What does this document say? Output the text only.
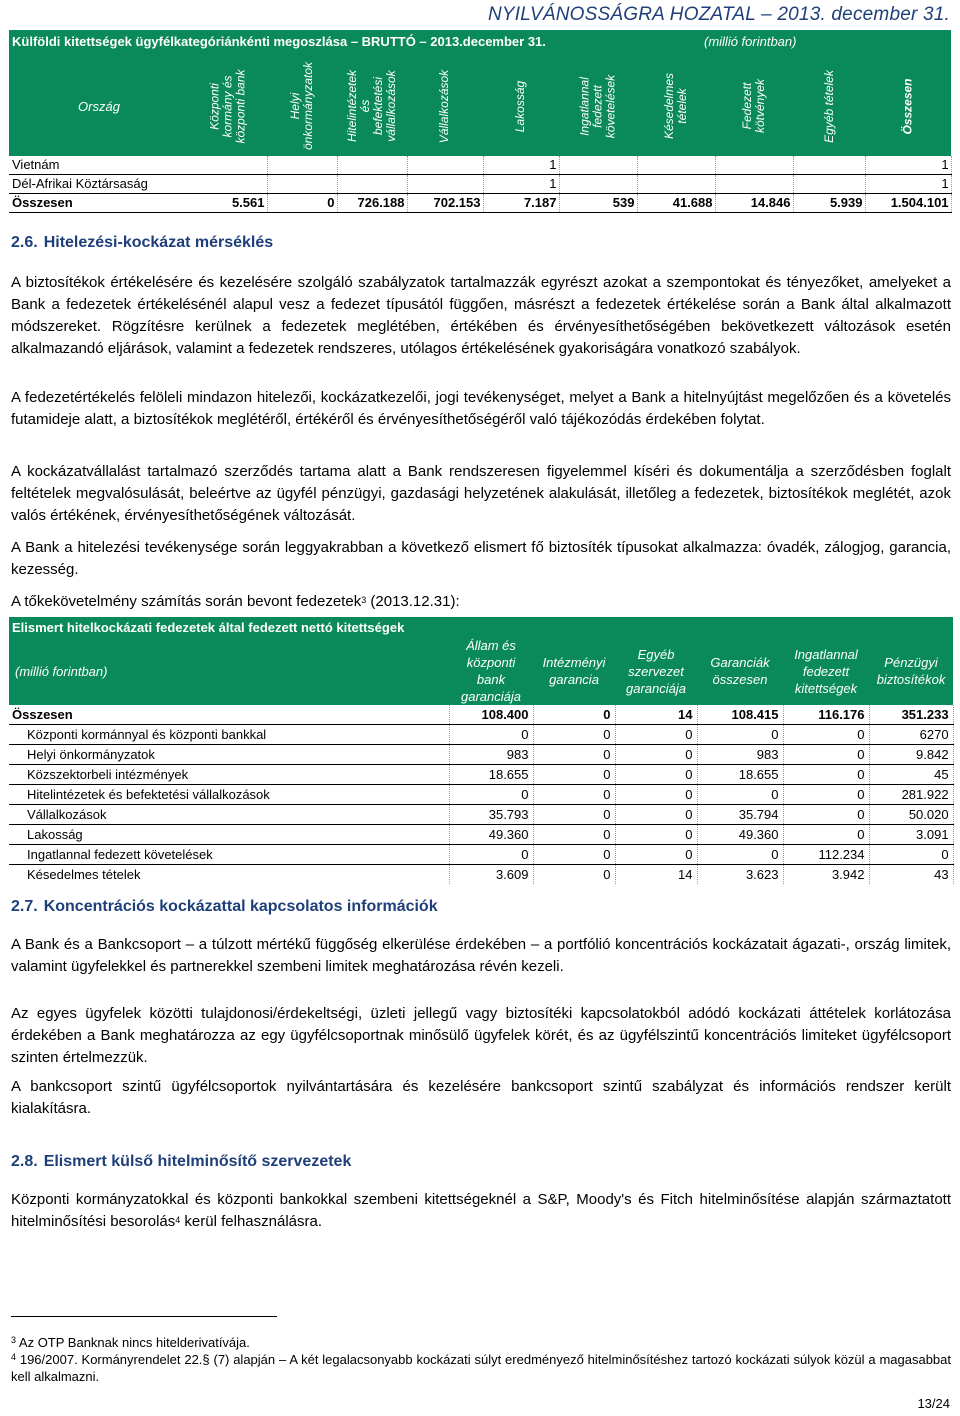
NYILVÁNOSSÁGRA HOZATAL – 2013. december 31.
Külföldi kitettségek ügyfélkategóriánkénti megoszlása – BRUTTÓ – 2013.december 31. (millió forintban)										

Ország	Központi kormány és központi bank	Helyi önkormányzatok	Hitelintézetek és befektetési vállalkozások	Vállalkozások	Lakosság	Ingatlannal fedezett követelések	Késedelmes tételek	Fedezett kötvények	Egyéb tételek	Összesen

Vietnám					1					1
Dél-Afrikai Köztársaság					1					1
Összesen	5.561	0	726.188	702.153	7.187	539	41.688	14.846	5.939	1.504.101
2.6. Hitelezési-kockázat mérséklés
A biztosítékok értékelésére és kezelésére szolgáló szabályzatok tartalmazzák egyrészt azokat a szempontokat és tényezőket, amelyeket a Bank a fedezetek értékelésénél alapul vesz a fedezet típusától függően, másrészt a fedezetek értékelése során a Bank által alkalmazott módszereket. Rögzítésre kerülnek a fedezetek meglétében, értékében és érvényesíthetőségében bekövetkezett változások esetén alkalmazandó eljárások, valamint a fedezetek rendszeres, utólagos értékelésének gyakoriságára vonatkozó szabályok.
A fedezetértékelés felöleli mindazon hitelezői, kockázatkezelői, jogi tevékenységet, melyet a Bank a hitelnyújtást megelőzően és a követelés futamideje alatt, a biztosítékok meglétéről, értékéről és érvényesíthetőségéről való tájékozódás érdekében folytat.
A kockázatvállalást tartalmazó szerződés tartama alatt a Bank rendszeresen figyelemmel kíséri és dokumentálja a szerződésben foglalt feltételek megvalósulását, beleértve az ügyfél pénzügyi, gazdasági helyzetének alakulását, illetőleg a fedezetek, biztosítékok meglétét, azok valós értékének, érvényesíthetőségének változását.
A Bank a hitelezési tevékenysége során leggyakrabban a következő elismert fő biztosíték típusokat alkalmazza: óvadék, zálogjog, garancia, kezesség.
A tőkekövetelmény számítás során bevont fedezetek$^3$ (2013.12.31):
Elismert hitelkockázati fedezetek által fedezett nettó kitettségek						
(millió forintban)	Állam és központi bank garanciája	Intézményi garancia	Egyéb szervezet garanciája	Garanciák összesen	Ingatlannal fedezett kitettségek	Pénzügyi biztosítékok
Összesen	108.400	0	14	108.415	116.176	351.233
Központi kormánnyal és központi bankkal	0	0	0	0	0	6270
Helyi önkormányzatok	983	0	0	983	0	9.842
Közszektorbeli intézmények	18.655	0	0	18.655	0	45
Hitelintézetek és befektetési vállalkozások	0	0	0	0	0	281.922
Vállalkozások	35.793	0	0	35.794	0	50.020
Lakosság	49.360	0	0	49.360	0	3.091
Ingatlannal fedezett követelések	0	0	0	0	112.234	0
Késedelmes tételek	3.609	0	14	3.623	3.942	43
2.7. Koncentrációs kockázattal kapcsolatos információk
A Bank és a Bankcsoport – a túlzott mértékű függőség elkerülése érdekében – a portfólió koncentrációs kockázatait ágazati-, ország limitek, valamint ügyfelekkel és partnerekkel szembeni limitek meghatározása révén kezeli.
Az egyes ügyfelek közötti tulajdonosi/érdekeltségi, üzleti jellegű vagy biztosítéki kapcsolatokból adódó kockázati áttételek korlátozása érdekében a Bank meghatározza az egy ügyfélcsoportnak minősülő ügyfelek körét, és az ügyfélszintű koncentrációs limiteket ügyfélcsoport szinten értelmezzük.
A bankcsoport szintű ügyfélcsoportok nyilvántartására és kezelésére bankcsoport szintű szabályzat és információs rendszer került kialakításra.
2.8. Elismert külső hitelminősítő szervezetek
Központi kormányzatokkal és központi bankokkal szembeni kitettségeknél a S&P, Moody's és Fitch hitelminősítése alapján származtatott hitelminősítési besorolás$^4$ kerül felhasználásra.
$^3$ Az OTP Banknak nincs hitelderivatívája.
$^4$ 196/2007. Kormányrendelet 22.§ (7) alapján – A két legalacsonyabb kockázati súlyt eredményező hitelminősítéshez tartozó kockázati súlyok közül a magasabbat kell alkalmazni.
13/24
